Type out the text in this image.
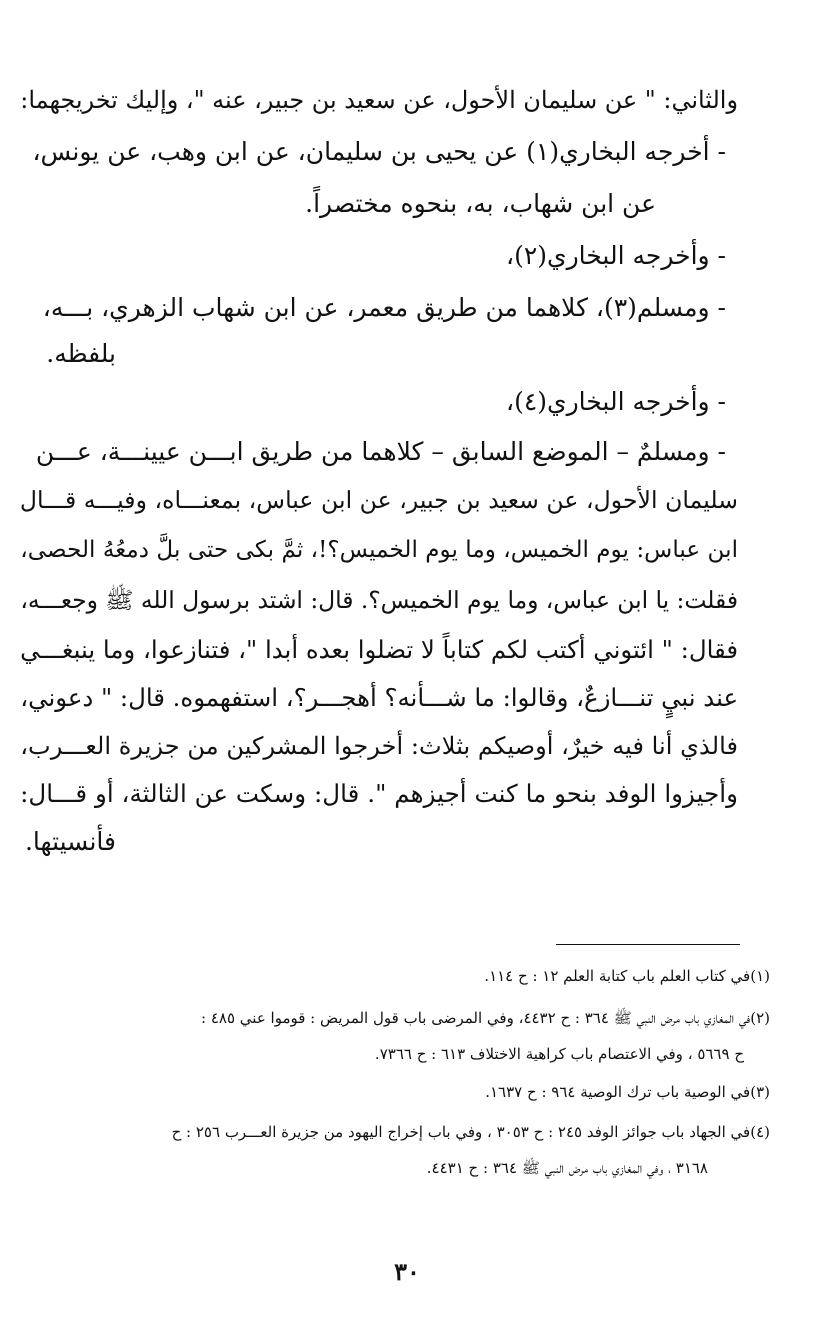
والثاني: " عن سليمان الأحول، عن سعيد بن جبير، عنه "، وإليك تخريجهما:
- أخرجه البخاري(١) عن يحيى بن سليمان، عن ابن وهب، عن يونس،
عن ابن شهاب، به، بنحوه مختصراً.
- وأخرجه البخاري(٢)،
- ومسلم(٣)، كلاهما من طريق معمر، عن ابن شهاب الزهري، بـــه،
بلفظه.
- وأخرجه البخاري(٤)،
- ومسلمٌ – الموضع السابق – كلاهما من طريق ابـــن عيينـــة، عـــن
سليمان الأحول، عن سعيد بن جبير، عن ابن عباس، بمعنـــاه، وفيـــه قـــال
ابن عباس: يوم الخميس، وما يوم الخميس؟!، ثمَّ بكى حتى بلَّ دمعُهُ الحصى،
فقلت: يا ابن عباس، وما يوم الخميس؟. قال: اشتد برسول الله ﷺ وجعـــه،
فقال: " ائتوني أكتب لكم كتاباً لا تضلوا بعده أبدا "، فتنازعوا، وما ينبغـــي
عند نبيٍ تنـــازعٌ، وقالوا: ما شـــأنه؟ أهجـــر؟، استفهموه. قال: " دعوني،
فالذي أنا فيه خيرٌ، أوصيكم بثلاث: أخرجوا المشركين من جزيرة العـــرب،
وأجيزوا الوفد بنحو ما كنت أجيزهم ". قال: وسكت عن الثالثة، أو قـــال:
فأنسيتها.
(١)في كتاب العلم باب كتابة العلم ١٢ : ح ١١٤.
(٢)في المغازي باب مرض النبي ﷺ ٣٦٤ : ح ٤٤٣٢، وفي المرضى باب قول المريض : قوموا عني ٤٨٥ :
ح ٥٦٦٩ ، وفي الاعتصام باب كراهية الاختلاف ٦١٣ : ح ٧٣٦٦.
(٣)في الوصية باب ترك الوصية ٩٦٤ : ح ١٦٣٧.
(٤)في الجهاد باب جوائز الوفد ٢٤٥ : ح ٣٠٥٣ ، وفي باب إخراج اليهود من جزيرة العـــرب ٢٥٦ : ح
٣١٦٨ ، وفي المغازي باب مرض النبي ﷺ ٣٦٤ : ح ٤٤٣١.
٣٠
